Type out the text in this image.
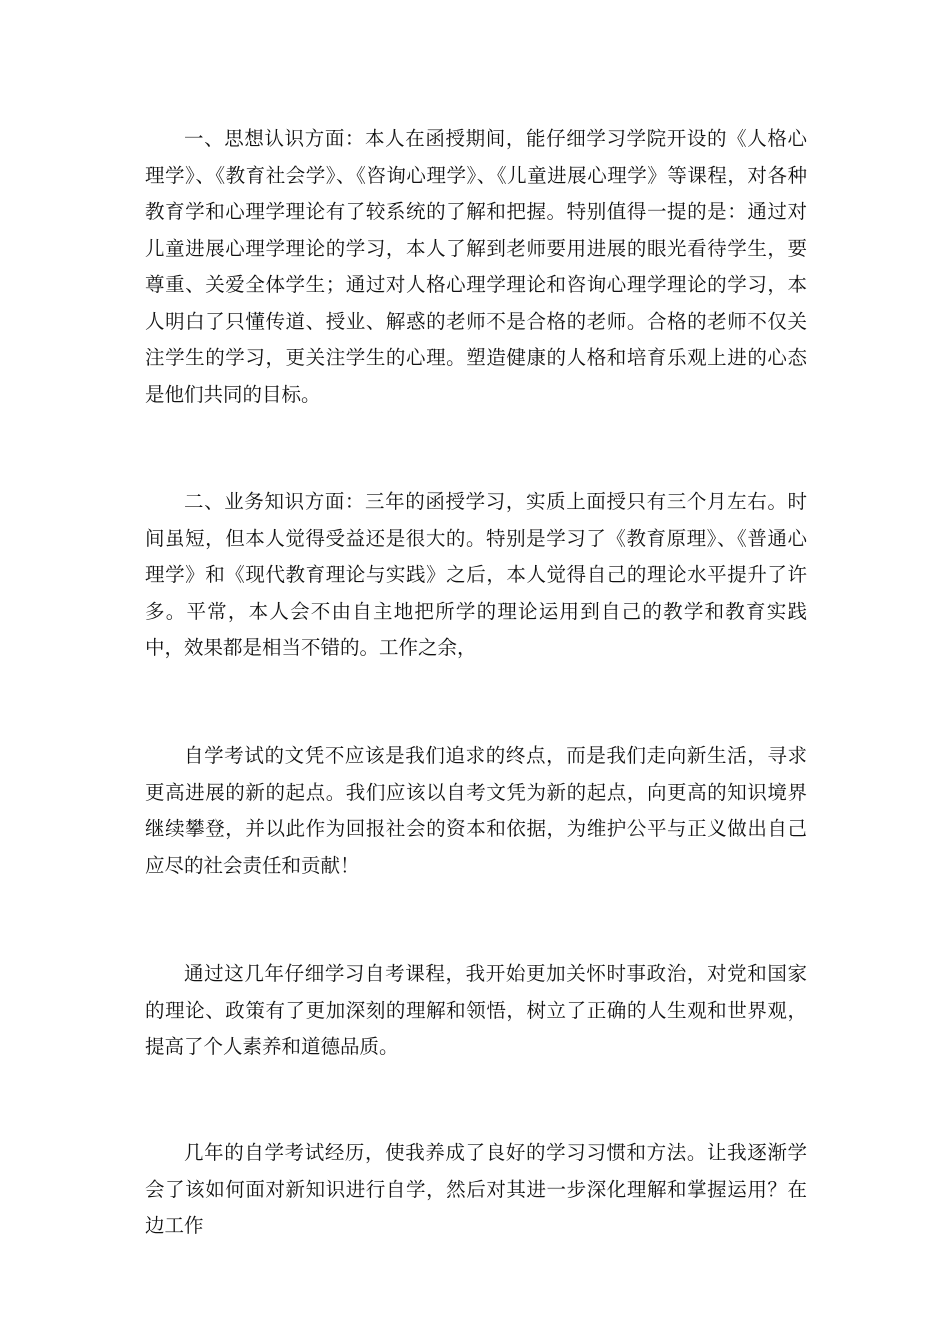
一、思想认识方面：本人在函授期间，能仔细学习学院开设的《人格心理学》、《教育社会学》、《咨询心理学》、《儿童进展心理学》等课程，对各种教育学和心理学理论有了较系统的了解和把握。特别值得一提的是：通过对儿童进展心理学理论的学习，本人了解到老师要用进展的眼光看待学生，要尊重、关爱全体学生；通过对人格心理学理论和咨询心理学理论的学习，本人明白了只懂传道、授业、解惑的老师不是合格的老师。合格的老师不仅关注学生的学习，更关注学生的心理。塑造健康的人格和培育乐观上进的心态是他们共同的目标。

二、业务知识方面：三年的函授学习，实质上面授只有三个月左右。时间虽短，但本人觉得受益还是很大的。特别是学习了《教育原理》、《普通心理学》和《现代教育理论与实践》之后，本人觉得自己的理论水平提升了许多。平常，本人会不由自主地把所学的理论运用到自己的教学和教育实践中，效果都是相当不错的。工作之余，

自学考试的文凭不应该是我们追求的终点，而是我们走向新生活，寻求更高进展的新的起点。我们应该以自考文凭为新的起点，向更高的知识境界继续攀登，并以此作为回报社会的资本和依据，为维护公平与正义做出自己应尽的社会责任和贡献！

通过这几年仔细学习自考课程，我开始更加关怀时事政治，对党和国家的理论、政策有了更加深刻的理解和领悟，树立了正确的人生观和世界观，提高了个人素养和道德品质。

几年的自学考试经历，使我养成了良好的学习习惯和方法。让我逐渐学会了该如何面对新知识进行自学，然后对其进一步深化理解和掌握运用？在边工作
